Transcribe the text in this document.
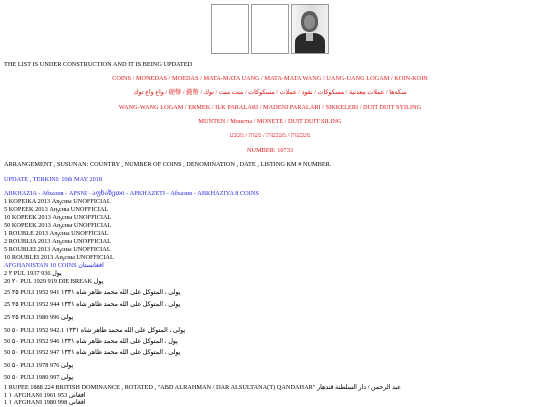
THE LIST IS UNDER CONSTRUCTION AND IT IS BEING UPDATED
COINS / MONEDAS / MOEDAS / MATA-MATA UANG / MATA-MATA WANG / UANG-UANG LOGAM / KOIN-KOIN
واع واع توك / 硬幣 / 錢幣 / سکه‌ها / عملات معدنية / مسکوکات / نقود / عملات / مسکوکات / منت منت / توك
WANG-WANG LOGAM / ERMEK / ILK PARALARI / MADENI PARALARI / SIKKELERI / DUIT DUIT SYILING
MUNTEN / Монеты / MONETE / DUIT DUIT SILING
מטבעות / מטבעות / מעות / מטבע
NUMBER: 10733
ARRANGEMENT , SUSUNAN: COUNTRY , NUMBER OF COINS , DENOMINATION , DATE , LISTING KM # NUMBER.
UPDATE , TERKINI: 10th MAY 2018
ABKHAZIA - Абхазия - APSNI - აფხაზეთი - APKHAZETI - Абхазия - ABKHAZIYA 8 COINS
1 KOPEIKA 2013 Аҧсны UNOFFICIAL
5 KOPEEK 2013 Аҧсны UNOFFICIAL
10 KOPEEK 2013 Аҧсны UNOFFICIAL
50 KOPEEK 2013 Аҧсны UNOFFICIAL
1 ROUBLE 2013 Аҧсны UNOFFICIAL
2 ROUBLIA 2013 Аҧсны UNOFFICIAL
5 ROUBLEI 2013 Аҧсны UNOFFICIAL
10 ROUBLEI 2013 Аҧсны UNOFFICIAL
AFGHANISTAN 10 COINS افغانستان
2 ٢ PUL 1937 936 پول
20 ٢٠ PUL 1929 919 DIE BREAK پول
25 ٢٥ PULI 1952 941 پولی ، المتوكل على الله محمد ظاهر شاه ١٣٣١
25 ٢٥ PULI 1952 944 پولی ، المتوكل على الله محمد ظاهر شاه ١٣٣١
25 ٢٥ PULI 1980 996 پولی
50 ٥٠ PULI 1952 942.1 پولی ، المتوكل على الله محمد ظاهر شاه ١٣٣١
50 ٥٠ PULI 1952 946 پول ، المتوكل على الله محمد ظاهر شاه ١٣٣١
50 ٥٠ PULI 1952 947 پولی ، المتوكل على الله محمد ظاهر شاه ١٣٣١
50 ٥٠ PULI 1978 976 پولی
50 ٥٠ PULI 1980 997 پولی
1 RUPEE 1888 224 BRITISH DOMINANCE , ROTATED , "ABD ALRAHMAN / DAR ALSULTANA(T) QANDAHAR" عبد الرحمن / دار السلطنة قندهار
1 ١ AFGHANI 1961 953 افغانی
1 ١ AFGHANI 1980 998 افغانی
